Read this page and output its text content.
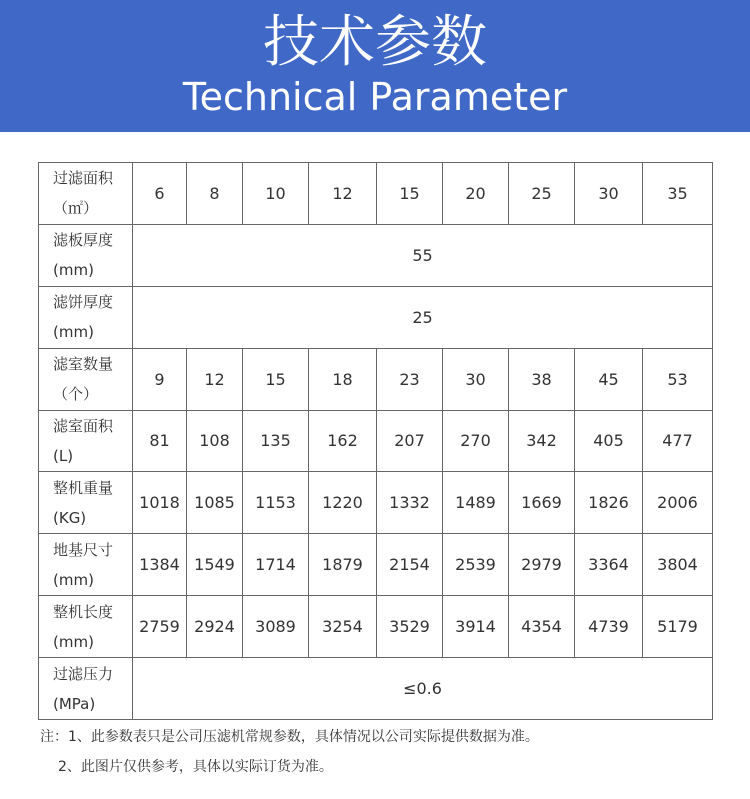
技术参数
Technical Parameter
过滤面积
（㎡）	6	8	10	12	15	20	25	30	35

滤板厚度
(mm)	55								

滤饼厚度
(mm)	25								

滤室数量
（个）	9	12	15	18	23	30	38	45	53

滤室面积
(L)	81	108	135	162	207	270	342	405	477

整机重量
(KG)	1018	1085	1153	1220	1332	1489	1669	1826	2006

地基尺寸
(mm)	1384	1549	1714	1879	2154	2539	2979	3364	3804

整机长度
(mm)	2759	2924	3089	3254	3529	3914	4354	4739	5179

过滤压力
(MPa)	≤0.6								
注：1、此参数表只是公司压滤机常规参数，具体情况以公司实际提供数据为准。
2、此图片仅供参考，具体以实际订货为准。
